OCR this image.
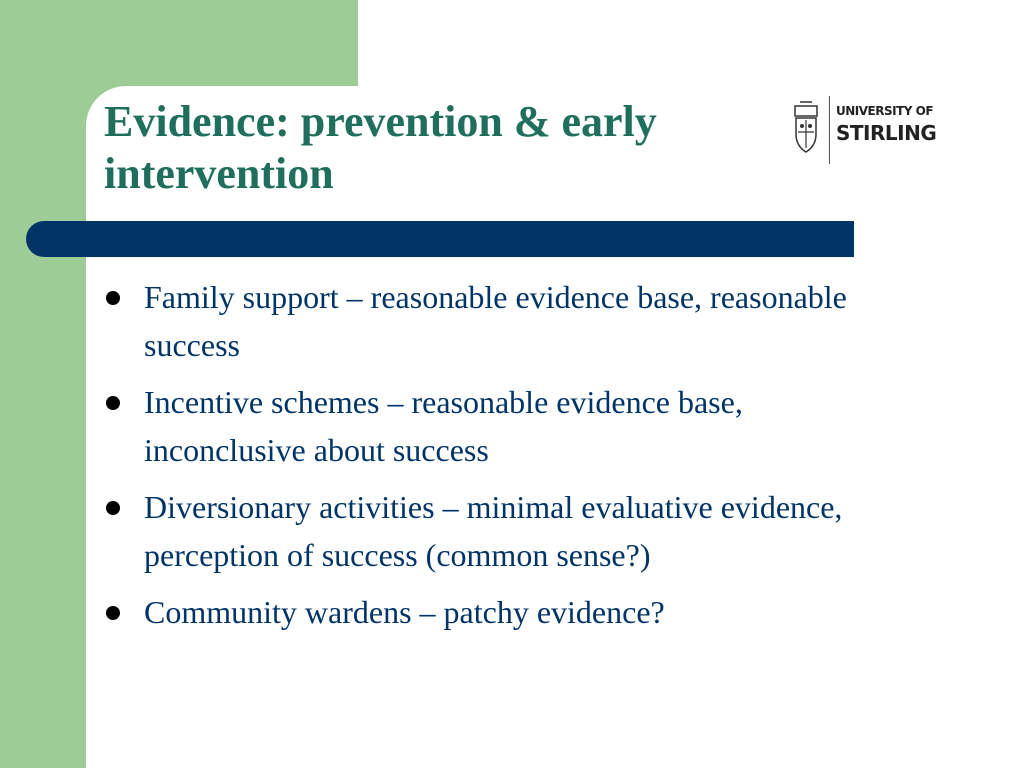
Evidence: prevention & early intervention
UNIVERSITY OF
STIRLING
Family support – reasonable evidence base, reasonable success
Incentive schemes – reasonable evidence base, inconclusive about success
Diversionary activities – minimal evaluative evidence, perception of success (common sense?)
Community wardens – patchy evidence?
